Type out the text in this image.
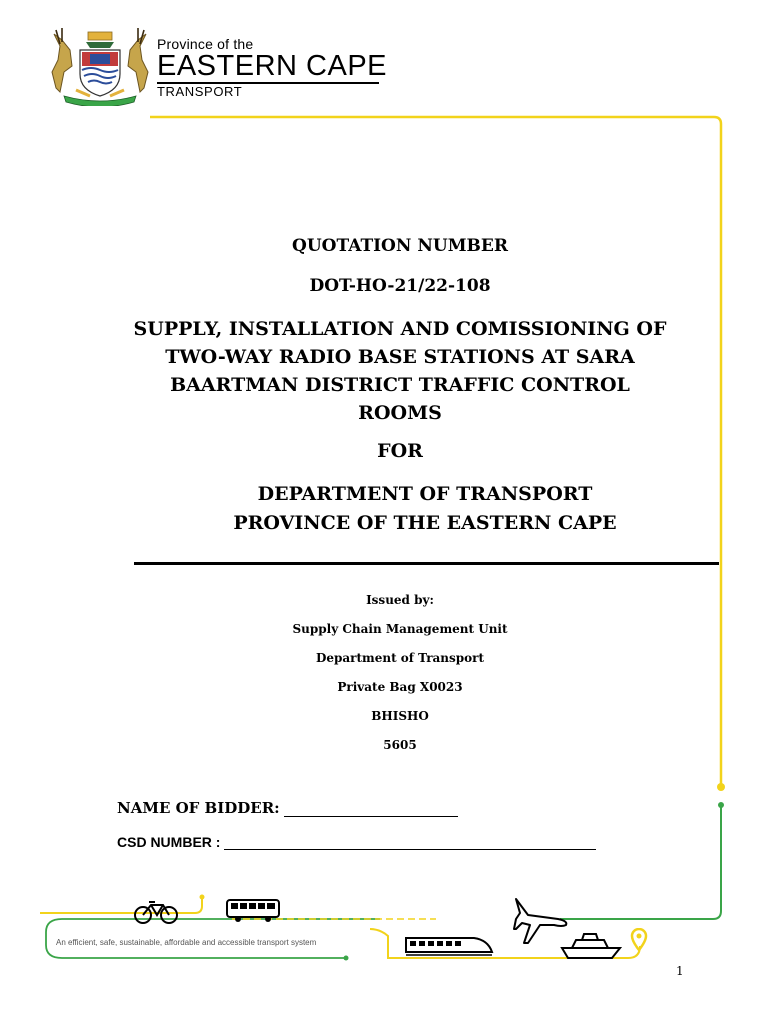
Province of the
EASTERN CAPE
TRANSPORT
QUOTATION NUMBER
DOT-HO-21/22-108
SUPPLY, INSTALLATION AND COMISSIONING OF
TWO-WAY RADIO BASE STATIONS AT SARA
BAARTMAN DISTRICT TRAFFIC CONTROL
ROOMS
FOR
DEPARTMENT OF TRANSPORT
PROVINCE OF THE EASTERN CAPE
Issued by:
Supply Chain Management Unit
Department of Transport
Private Bag X0023
BHISHO
5605
NAME OF BIDDER:
CSD NUMBER :
An efficient, safe, sustainable, affordable and accessible transport system
1
